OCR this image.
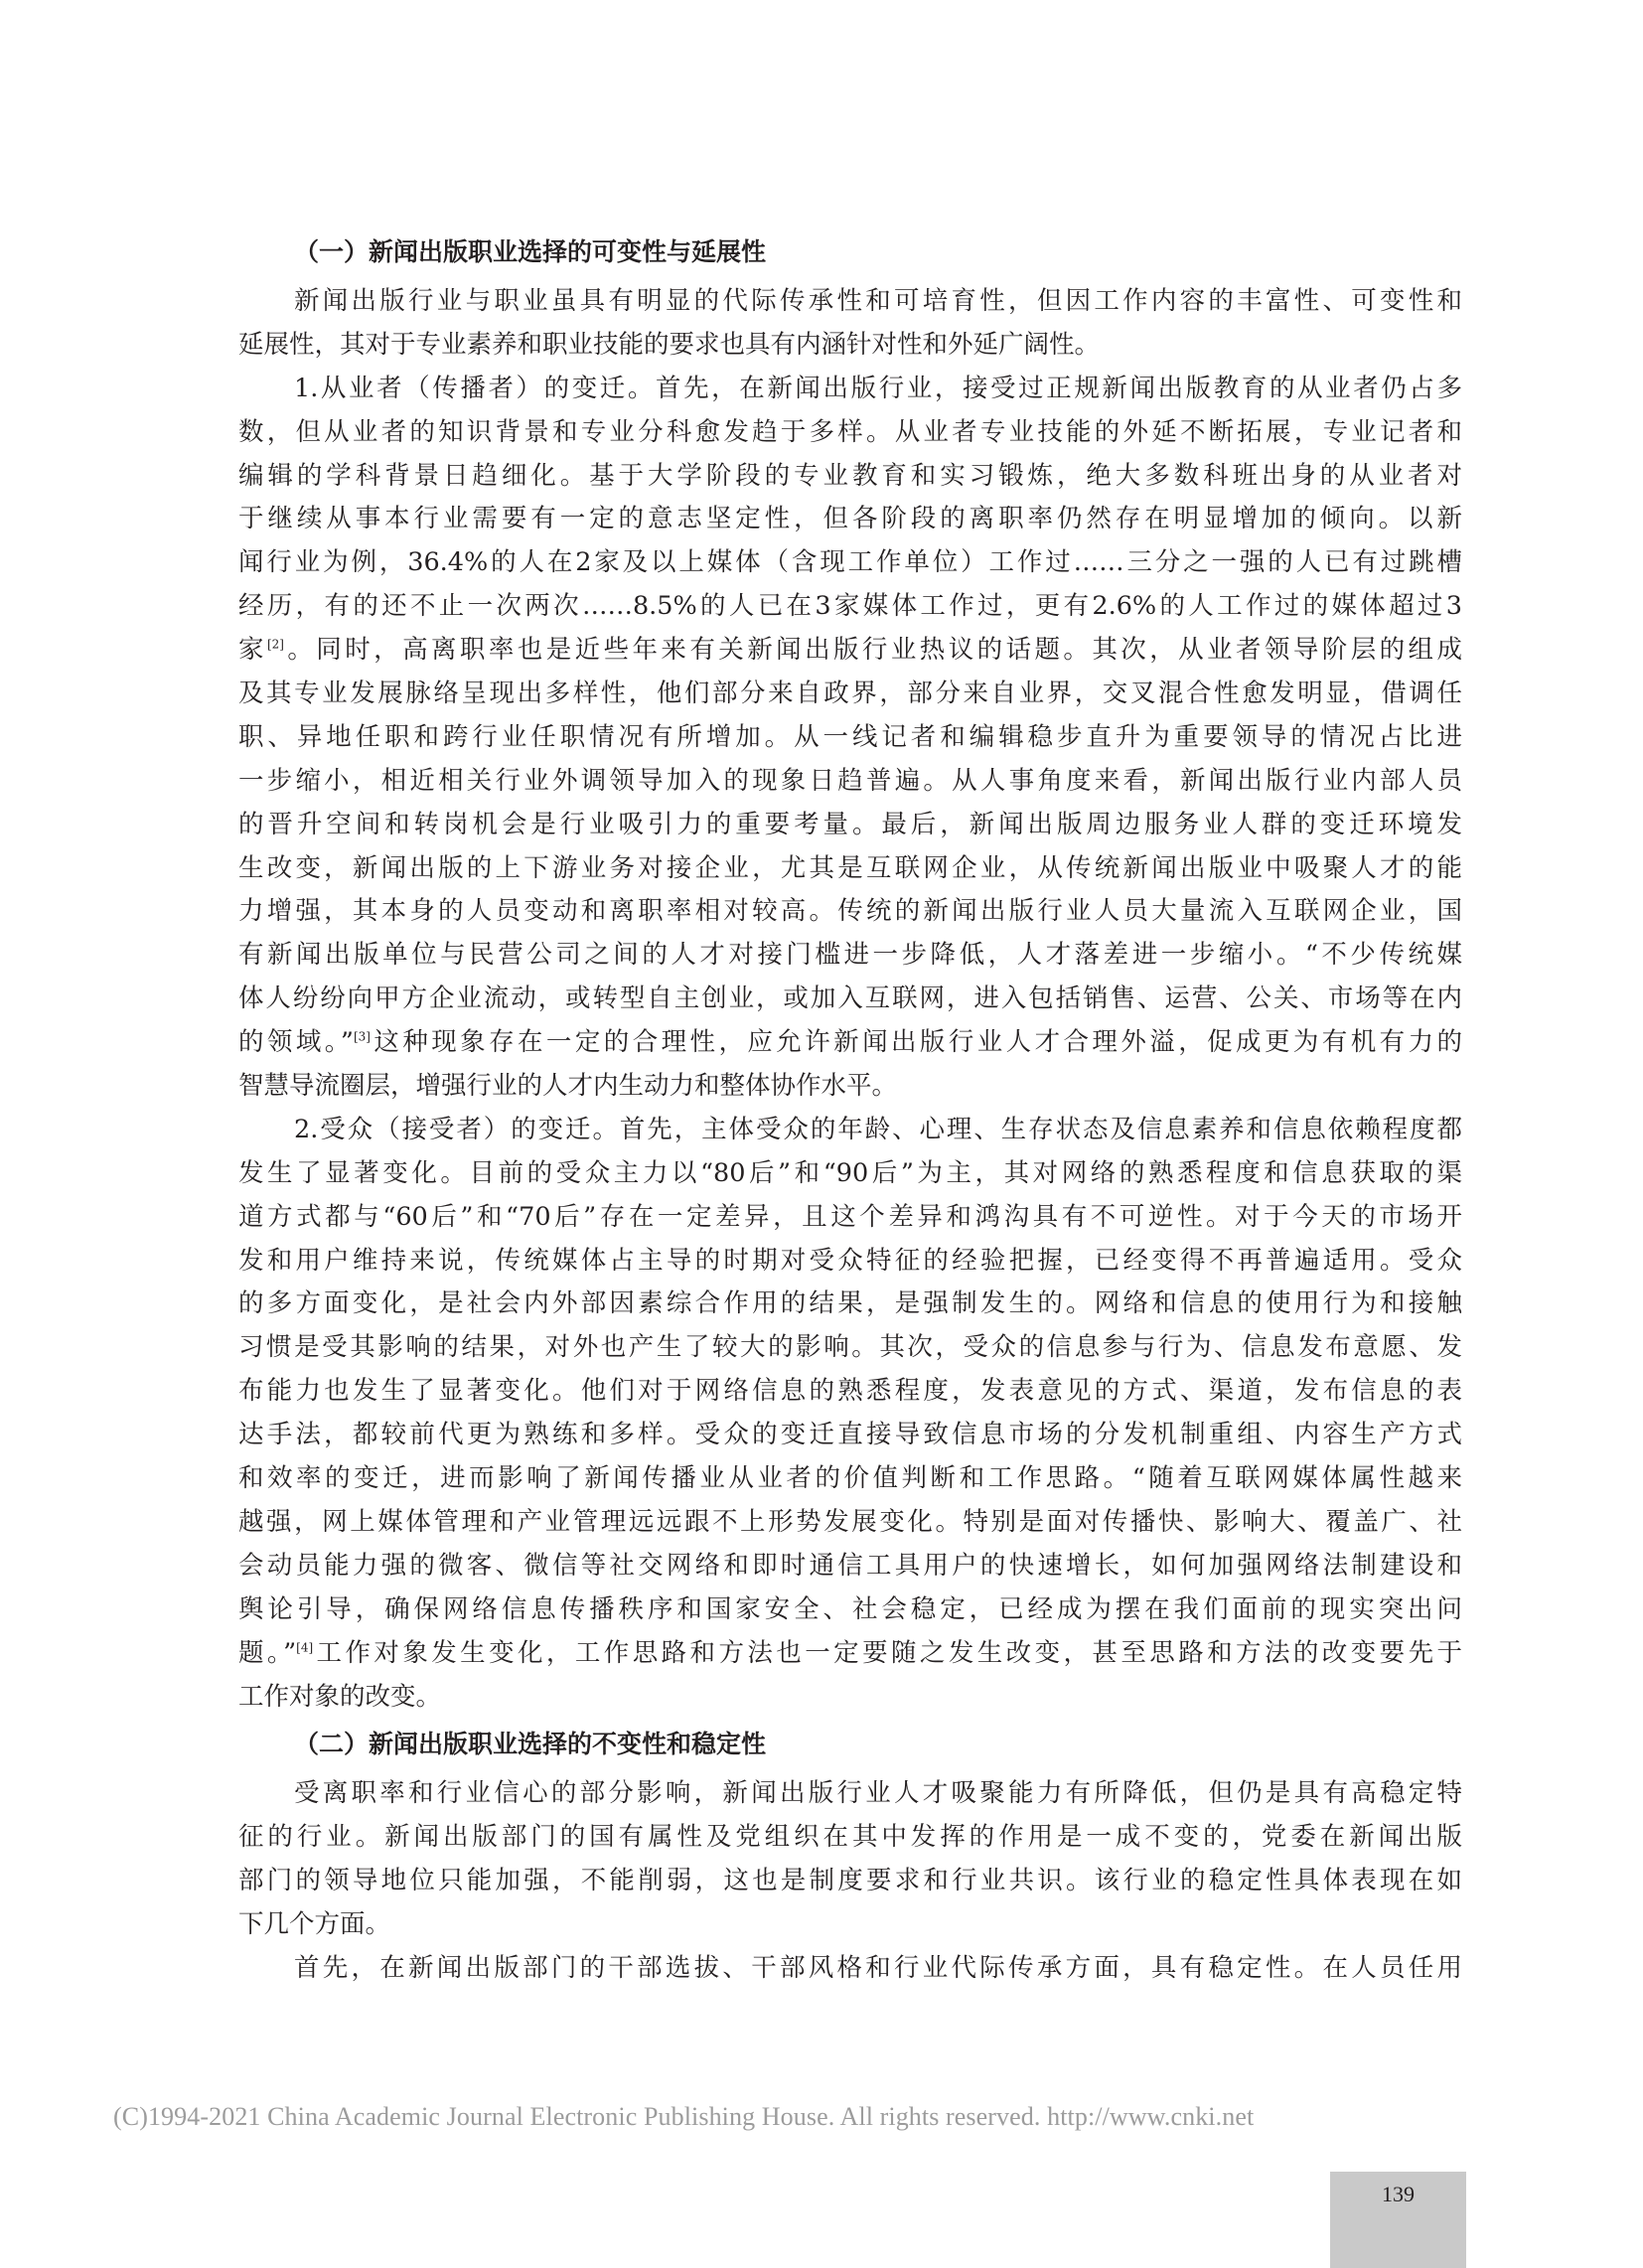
（一）新闻出版职业选择的可变性与延展性
新闻出版行业与职业虽具有明显的代际传承性和可培育性，但因工作内容的丰富性、可变性和
延展性，其对于专业素养和职业技能的要求也具有内涵针对性和外延广阔性。
1.从业者（传播者）的变迁。首先，在新闻出版行业，接受过正规新闻出版教育的从业者仍占多
数，但从业者的知识背景和专业分科愈发趋于多样。从业者专业技能的外延不断拓展，专业记者和
编辑的学科背景日趋细化。基于大学阶段的专业教育和实习锻炼，绝大多数科班出身的从业者对
于继续从事本行业需要有一定的意志坚定性，但各阶段的离职率仍然存在明显增加的倾向。以新
闻行业为例，36.4%的人在2家及以上媒体（含现工作单位）工作过……三分之一强的人已有过跳槽
经历，有的还不止一次两次……8.5%的人已在3家媒体工作过，更有2.6%的人工作过的媒体超过3
家[2]。同时，高离职率也是近些年来有关新闻出版行业热议的话题。其次，从业者领导阶层的组成
及其专业发展脉络呈现出多样性，他们部分来自政界，部分来自业界，交叉混合性愈发明显，借调任
职、异地任职和跨行业任职情况有所增加。从一线记者和编辑稳步直升为重要领导的情况占比进
一步缩小，相近相关行业外调领导加入的现象日趋普遍。从人事角度来看，新闻出版行业内部人员
的晋升空间和转岗机会是行业吸引力的重要考量。最后，新闻出版周边服务业人群的变迁环境发
生改变，新闻出版的上下游业务对接企业，尤其是互联网企业，从传统新闻出版业中吸聚人才的能
力增强，其本身的人员变动和离职率相对较高。传统的新闻出版行业人员大量流入互联网企业，国
有新闻出版单位与民营公司之间的人才对接门槛进一步降低，人才落差进一步缩小。“不少传统媒
体人纷纷向甲方企业流动，或转型自主创业，或加入互联网，进入包括销售、运营、公关、市场等在内
的领域。”[3]这种现象存在一定的合理性，应允许新闻出版行业人才合理外溢，促成更为有机有力的
智慧导流圈层，增强行业的人才内生动力和整体协作水平。
2.受众（接受者）的变迁。首先，主体受众的年龄、心理、生存状态及信息素养和信息依赖程度都
发生了显著变化。目前的受众主力以“80后”和“90后”为主，其对网络的熟悉程度和信息获取的渠
道方式都与“60后”和“70后”存在一定差异，且这个差异和鸿沟具有不可逆性。对于今天的市场开
发和用户维持来说，传统媒体占主导的时期对受众特征的经验把握，已经变得不再普遍适用。受众
的多方面变化，是社会内外部因素综合作用的结果，是强制发生的。网络和信息的使用行为和接触
习惯是受其影响的结果，对外也产生了较大的影响。其次，受众的信息参与行为、信息发布意愿、发
布能力也发生了显著变化。他们对于网络信息的熟悉程度，发表意见的方式、渠道，发布信息的表
达手法，都较前代更为熟练和多样。受众的变迁直接导致信息市场的分发机制重组、内容生产方式
和效率的变迁，进而影响了新闻传播业从业者的价值判断和工作思路。“随着互联网媒体属性越来
越强，网上媒体管理和产业管理远远跟不上形势发展变化。特别是面对传播快、影响大、覆盖广、社
会动员能力强的微客、微信等社交网络和即时通信工具用户的快速增长，如何加强网络法制建设和
舆论引导，确保网络信息传播秩序和国家安全、社会稳定，已经成为摆在我们面前的现实突出问
题。”[4]工作对象发生变化，工作思路和方法也一定要随之发生改变，甚至思路和方法的改变要先于
工作对象的改变。
（二）新闻出版职业选择的不变性和稳定性
受离职率和行业信心的部分影响，新闻出版行业人才吸聚能力有所降低，但仍是具有高稳定特
征的行业。新闻出版部门的国有属性及党组织在其中发挥的作用是一成不变的，党委在新闻出版
部门的领导地位只能加强，不能削弱，这也是制度要求和行业共识。该行业的稳定性具体表现在如
下几个方面。
首先，在新闻出版部门的干部选拔、干部风格和行业代际传承方面，具有稳定性。在人员任用
(C)1994-2021 China Academic Journal Electronic Publishing House. All rights reserved. http://www.cnki.net
139
